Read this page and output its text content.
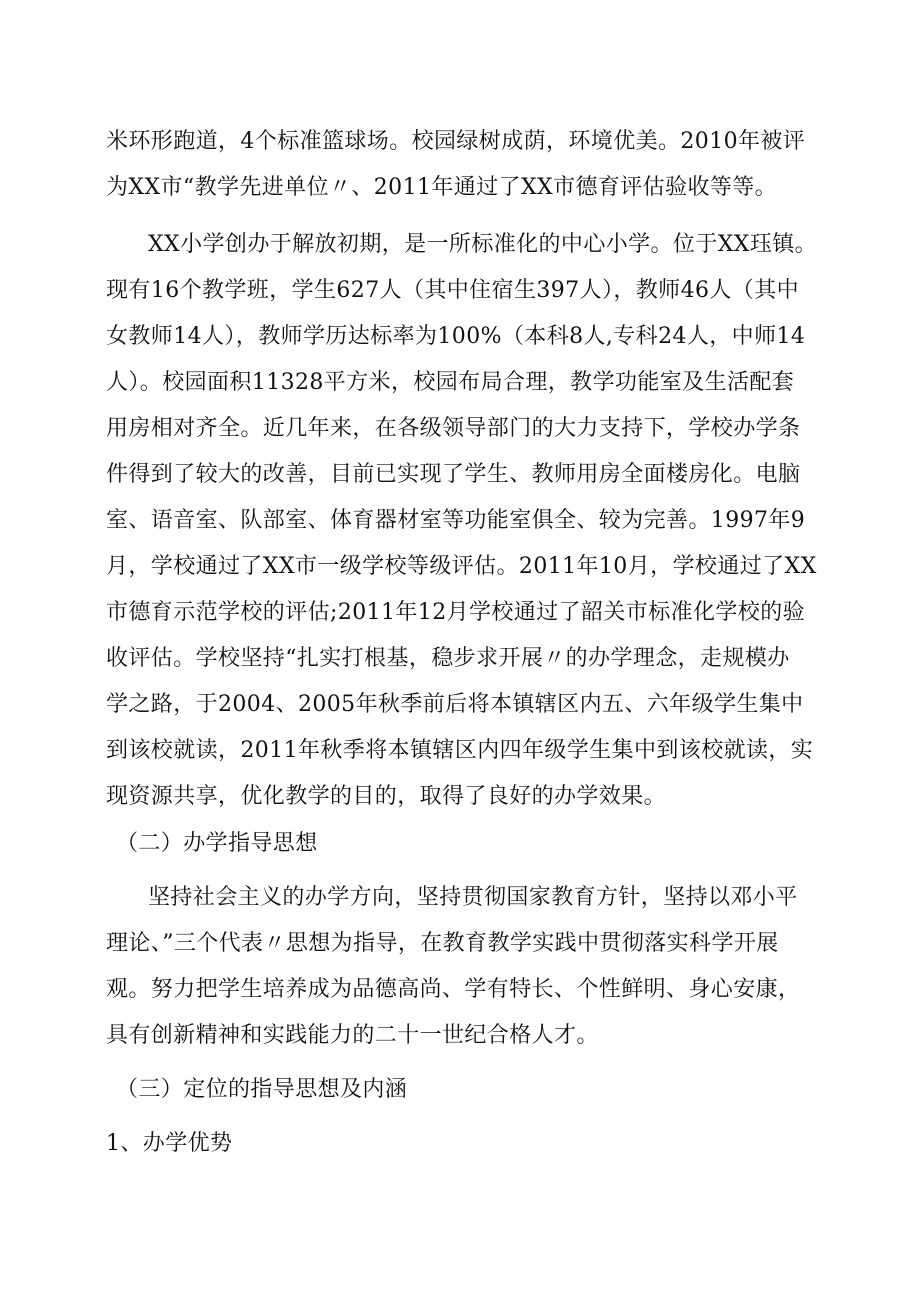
米环形跑道，4个标准篮球场。校园绿树成荫，环境优美。2010年被评
为XX市“教学先进单位〃、2011年通过了XX市德育评估验收等等。
XX小学创办于解放初期，是一所标准化的中心小学。位于XX珏镇。
现有16个教学班，学生627人（其中住宿生397人），教师46人（其中
女教师14人），教师学历达标率为100%（本科8人,专科24人，中师14
人）。校园面积11328平方米，校园布局合理，教学功能室及生活配套
用房相对齐全。近几年来，在各级领导部门的大力支持下，学校办学条
件得到了较大的改善，目前已实现了学生、教师用房全面楼房化。电脑
室、语音室、队部室、体育器材室等功能室俱全、较为完善。1997年9
月，学校通过了XX市一级学校等级评估。2011年10月，学校通过了XX
市德育示范学校的评估;2011年12月学校通过了韶关市标准化学校的验
收评估。学校坚持“扎实打根基，稳步求开展〃的办学理念，走规模办
学之路，于2004、2005年秋季前后将本镇辖区内五、六年级学生集中
到该校就读，2011年秋季将本镇辖区内四年级学生集中到该校就读，实
现资源共享，优化教学的目的，取得了良好的办学效果。
（二）办学指导思想
坚持社会主义的办学方向，坚持贯彻国家教育方针，坚持以邓小平
理论、”三个代表〃思想为指导，在教育教学实践中贯彻落实科学开展
观。努力把学生培养成为品德高尚、学有特长、个性鲜明、身心安康，
具有创新精神和实践能力的二十一世纪合格人才。
（三）定位的指导思想及内涵
1、办学优势
